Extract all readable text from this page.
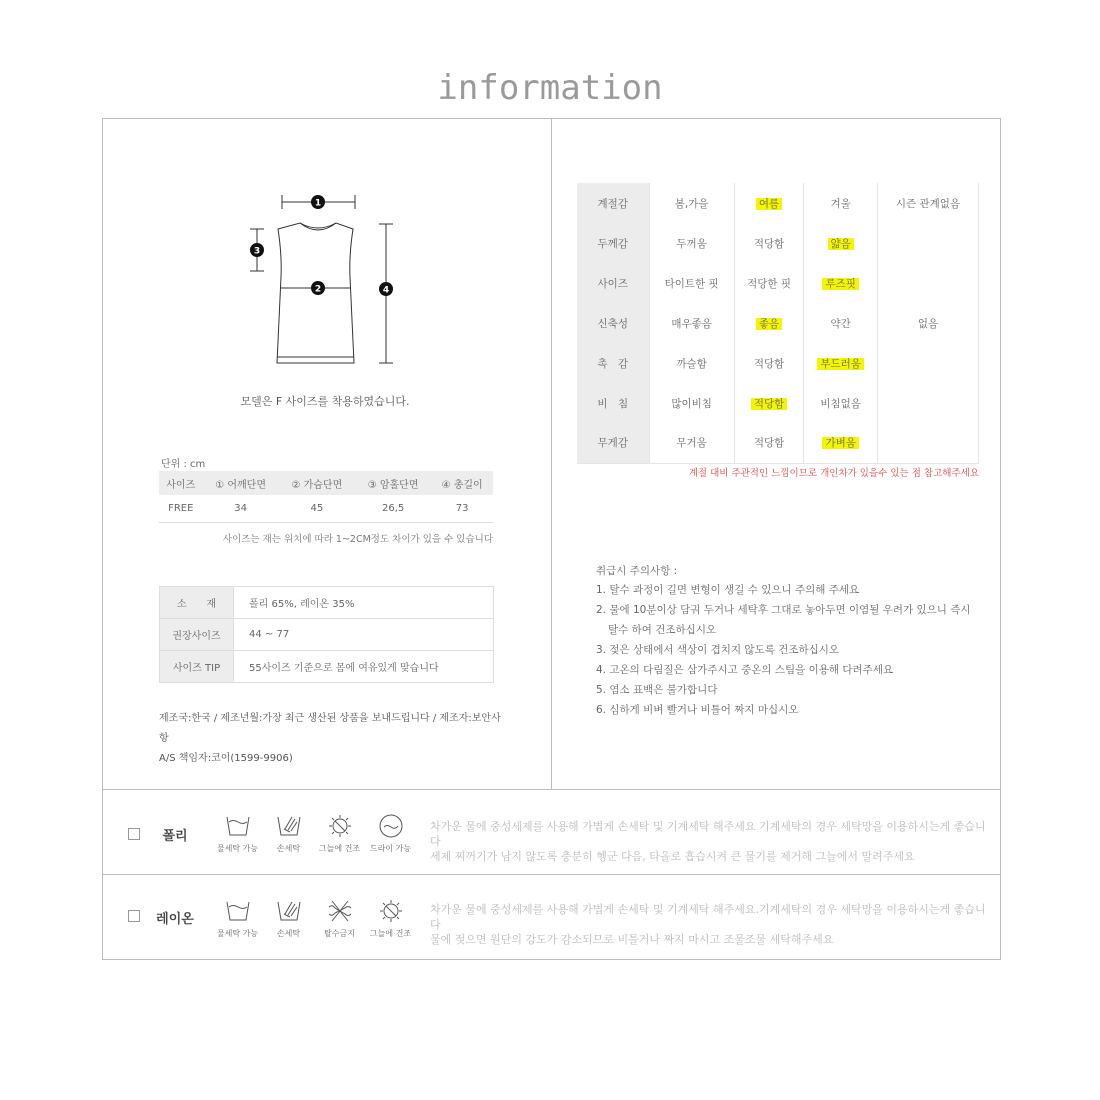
information
1
2
3
4
모델은 F 사이즈를 착용하였습니다.
단위 : cm
사이즈	① 어깨단면	② 가슴단면	③ 암홀단면	④ 총길이
FREE	34	45	26,5	73
사이즈는 재는 위치에 따라 1~2CM정도 차이가 있을 수 있습니다
소　　재	폴리 65%, 레이온 35%
권장사이즈	44 ~ 77
사이즈 TIP	55사이즈 기준으로 몸에 여유있게 맞습니다
제조국:한국 / 제조년월:가장 최근 생산된 상품을 보내드립니다 / 제조자:보안사항
A/S 책임자:코이(1599-9906)
계절감	봄,가을	여름	겨울	시즌 관계없음
두께감	두꺼움	적당함	얇음	
사이즈	타이트한 핏	적당한 핏	루즈핏	
신축성	매우좋음	좋음	약간	없음
촉　감	까슬함	적당함	부드러움	
비　침	많이비침	적당함	비침없음	
무게감	무거움	적당함	가벼움	
계절 대비 주관적인 느낌이므로 개인차가 있을수 있는 점 참고해주세요
취급시 주의사항 :
1. 탈수 과정이 길면 변형이 생길 수 있으니 주의해 주세요
2. 물에 10분이상 담궈 두거나 세탁후 그대로 놓아두면 이염될 우려가 있으니 즉시
탈수 하여 건조하십시오
3. 젖은 상태에서 색상이 겹치지 않도록 건조하십시오
4. 고온의 다림질은 삼가주시고 중온의 스팀을 이용해 다려주세요
5. 염소 표백은 불가합니다
6. 심하게 비벼 빨거나 비틀어 짜지 마십시오
폴리
물세탁 가능 손세탁 그늘에 건조 드라이 가능
차가운 물에 중성세제를 사용해 가볍게 손세탁 및 기계세탁 해주세요 기계세탁의 경우 세탁망을 이용하시는게 좋습니다
세제 찌꺼기가 남지 않도록 충분히 헹군 다음, 타올로 흡습시켜 큰 물기를 제거해 그늘에서 말려주세요
레이온
물세탁 가능 손세탁	탈수금지 그늘에 건조
차가운 물에 중성세제를 사용해 가볍게 손세탁 및 기계세탁 해주세요.기계세탁의 경우 세탁망을 이용하시는게 좋습니다
물에 젖으면 원단의 강도가 감소되므로 비틀거나 짜지 마시고 조물조물 세탁해주세요
